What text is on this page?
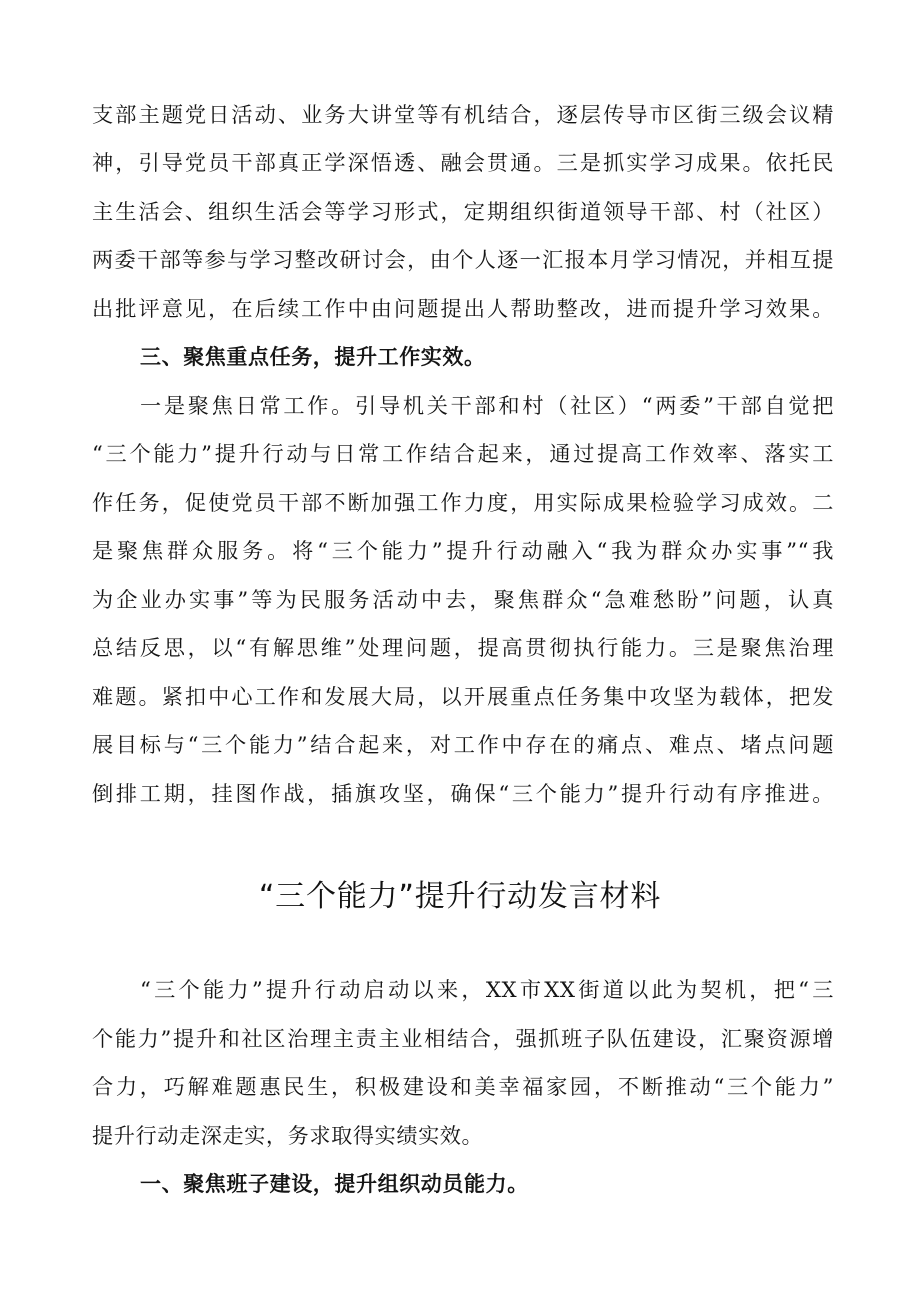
支部主题党日活动、业务大讲堂等有机结合，逐层传导市区街三级会议精
神，引导党员干部真正学深悟透、融会贯通。三是抓实学习成果。依托民
主生活会、组织生活会等学习形式，定期组织街道领导干部、村（社区）
两委干部等参与学习整改研讨会，由个人逐一汇报本月学习情况，并相互提
出批评意见，在后续工作中由问题提出人帮助整改，进而提升学习效果。
三、聚焦重点任务，提升工作实效。
一是聚焦日常工作。引导机关干部和村（社区）“两委”干部自觉把
“三个能力”提升行动与日常工作结合起来，通过提高工作效率、落实工
作任务，促使党员干部不断加强工作力度，用实际成果检验学习成效。二
是聚焦群众服务。将“三个能力”提升行动融入“我为群众办实事”“我
为企业办实事”等为民服务活动中去，聚焦群众“急难愁盼”问题，认真
总结反思，以“有解思维”处理问题，提高贯彻执行能力。三是聚焦治理
难题。紧扣中心工作和发展大局，以开展重点任务集中攻坚为载体，把发
展目标与“三个能力”结合起来，对工作中存在的痛点、难点、堵点问题
倒排工期，挂图作战，插旗攻坚，确保“三个能力”提升行动有序推进。
“三个能力”提升行动发言材料
“三个能力”提升行动启动以来，XX市XX街道以此为契机，把“三
个能力”提升和社区治理主责主业相结合，强抓班子队伍建设，汇聚资源增
合力，巧解难题惠民生，积极建设和美幸福家园，不断推动“三个能力”
提升行动走深走实，务求取得实绩实效。
一、聚焦班子建设，提升组织动员能力。
